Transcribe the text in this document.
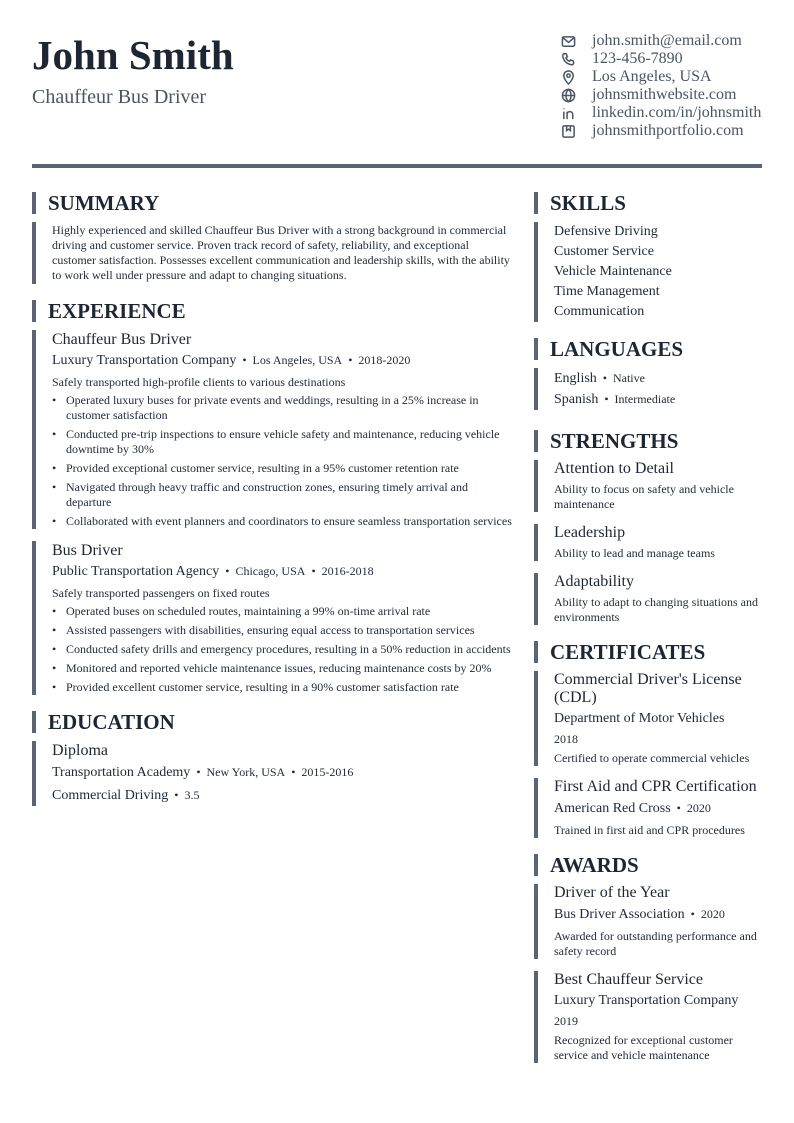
John Smith
Chauffeur Bus Driver
john.smith@email.com
123-456-7890
Los Angeles, USA
johnsmithwebsite.com
linkedin.com/in/johnsmith
johnsmithportfolio.com
SUMMARY
Highly experienced and skilled Chauffeur Bus Driver with a strong background in commercial driving and customer service. Proven track record of safety, reliability, and exceptional customer satisfaction. Possesses excellent communication and leadership skills, with the ability to work well under pressure and adapt to changing situations.
EXPERIENCE
Chauffeur Bus Driver
Luxury Transportation Company • Los Angeles, USA • 2018-2020
Safely transported high-profile clients to various destinations
• Operated luxury buses for private events and weddings, resulting in a 25% increase in customer satisfaction
• Conducted pre-trip inspections to ensure vehicle safety and maintenance, reducing vehicle downtime by 30%
• Provided exceptional customer service, resulting in a 95% customer retention rate
• Navigated through heavy traffic and construction zones, ensuring timely arrival and departure
• Collaborated with event planners and coordinators to ensure seamless transportation services
Bus Driver
Public Transportation Agency • Chicago, USA • 2016-2018
Safely transported passengers on fixed routes
• Operated buses on scheduled routes, maintaining a 99% on-time arrival rate
• Assisted passengers with disabilities, ensuring equal access to transportation services
• Conducted safety drills and emergency procedures, resulting in a 50% reduction in accidents
• Monitored and reported vehicle maintenance issues, reducing maintenance costs by 20%
• Provided excellent customer service, resulting in a 90% customer satisfaction rate
EDUCATION
Diploma
Transportation Academy • New York, USA • 2015-2016
Commercial Driving • 3.5
SKILLS
Defensive Driving
Customer Service
Vehicle Maintenance
Time Management
Communication
LANGUAGES
English • Native
Spanish • Intermediate
STRENGTHS
Attention to Detail
Ability to focus on safety and vehicle maintenance
Leadership
Ability to lead and manage teams
Adaptability
Ability to adapt to changing situations and environments
CERTIFICATES
Commercial Driver's License (CDL)
Department of Motor Vehicles
2018
Certified to operate commercial vehicles
First Aid and CPR Certification
American Red Cross • 2020
Trained in first aid and CPR procedures
AWARDS
Driver of the Year
Bus Driver Association • 2020
Awarded for outstanding performance and safety record
Best Chauffeur Service
Luxury Transportation Company
2019
Recognized for exceptional customer service and vehicle maintenance
